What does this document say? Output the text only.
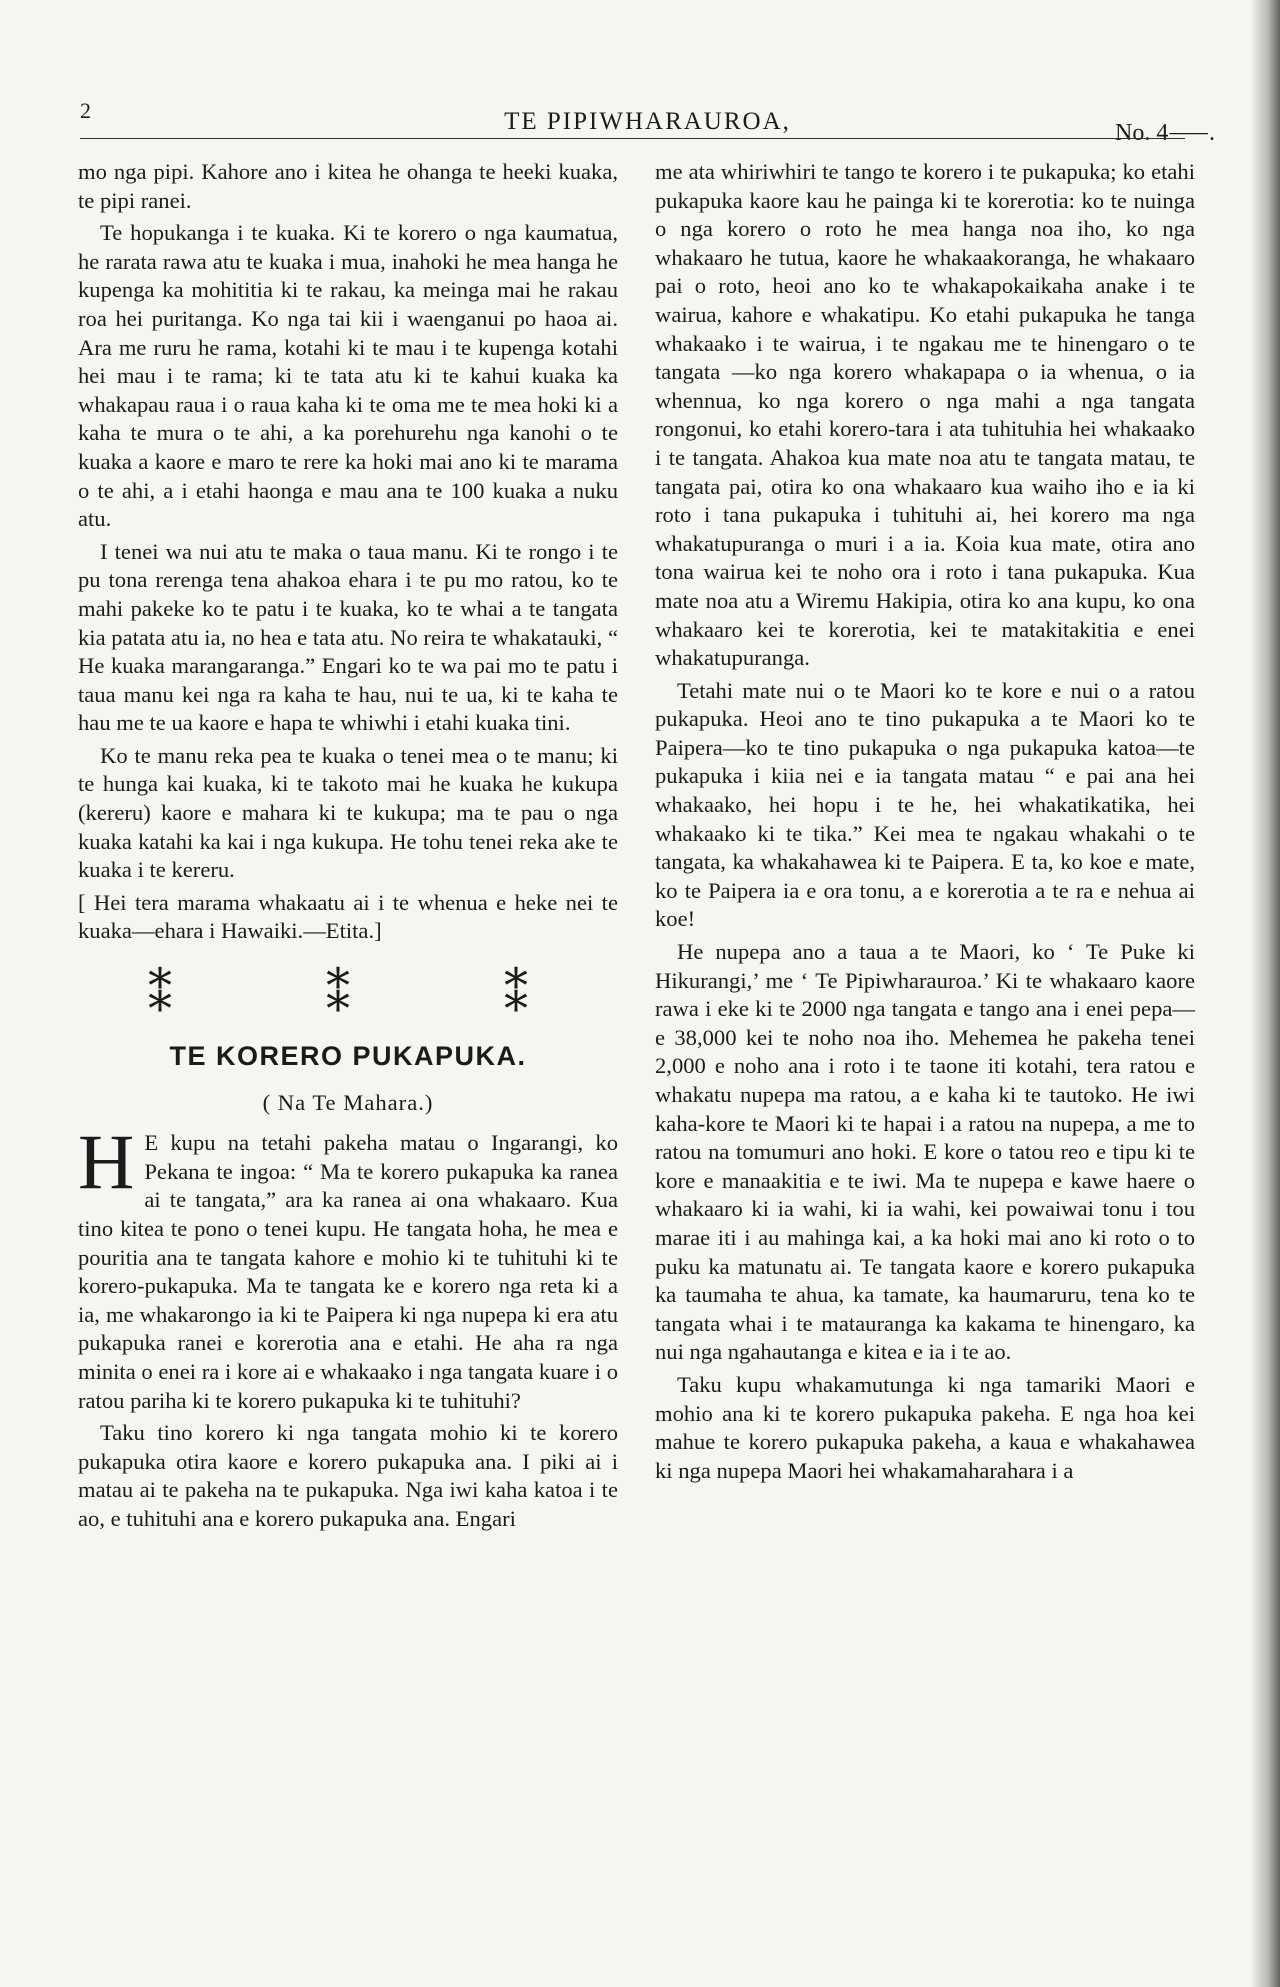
2	TE PIPIWHARAUROA,	No. 4⸺.

mo nga pipi. Kahore ano i kitea he ohanga te heeki kuaka, te pipi ranei.

Te hopukanga i te kuaka. Ki te korero o nga kaumatua, he rarata rawa atu te kuaka i mua, inahoki he mea hanga he kupenga ka mohititia ki te rakau, ka meinga mai he rakau roa hei puritanga. Ko nga tai kii i waenganui po haoa ai. Ara me ruru he rama, kotahi ki te mau i te kupenga kotahi hei mau i te rama; ki te tata atu ki te kahui kuaka ka whakapau raua i o raua kaha ki te oma me te mea hoki ki a kaha te mura o te ahi, a ka porehurehu nga kanohi o te kuaka a kaore e maro te rere ka hoki mai ano ki te marama o te ahi, a i etahi haonga e mau ana te 100 kuaka a nuku atu.

I tenei wa nui atu te maka o taua manu. Ki te rongo i te pu tona rerenga tena ahakoa ehara i te pu mo ratou, ko te mahi pakeke ko te patu i te kuaka, ko te whai a te tangata kia patata atu ia, no hea e tata atu. No reira te whakatauki, “ He kuaka marangaranga.” Engari ko te wa pai mo te patu i taua manu kei nga ra kaha te hau, nui te ua, ki te kaha te hau me te ua kaore e hapa te whiwhi i etahi kuaka tini.

Ko te manu reka pea te kuaka o tenei mea o te manu; ki te hunga kai kuaka, ki te takoto mai he kuaka he kukupa (kereru) kaore e mahara ki te kukupa; ma te pau o nga kuaka katahi ka kai i nga kukupa. He tohu tenei reka ake te kuaka i te kereru.

[ Hei tera marama whakaatu ai i te whenua e heke nei te kuaka—ehara i Hawaiki.—Etita.]

⁑	⁑	⁑
TE KORERO PUKAPUKA.
( Na Te Mahara.)

H E kupu na tetahi pakeha matau o Ingarangi, ko Pekana te ingoa: “ Ma te korero pukapuka ka ranea ai te tangata,” ara ka ranea ai ona whakaaro. Kua tino kitea te pono o tenei kupu. He tangata hoha, he mea e pouritia ana te tangata kahore e mohio ki te tuhituhi ki te korero-pukapuka. Ma te tangata ke e korero nga reta ki a ia, me whakarongo ia ki te Paipera ki nga nupepa ki era atu pukapuka ranei e korerotia ana e etahi. He aha ra nga minita o enei ra i kore ai e whakaako i nga tangata kuare i o ratou pariha ki te korero pukapuka ki te tuhituhi?

Taku tino korero ki nga tangata mohio ki te korero pukapuka otira kaore e korero pukapuka ana. I piki ai i matau ai te pakeha na te pukapuka. Nga iwi kaha katoa i te ao, e tuhituhi ana e korero pukapuka ana. Engari

me ata whiriwhiri te tango te korero i te pukapuka; ko etahi pukapuka kaore kau he painga ki te korerotia: ko te nuinga o nga korero o roto he mea hanga noa iho, ko nga whakaaro he tutua, kaore he whakaakoranga, he whakaaro pai o roto, heoi ano ko te whakapokaikaha anake i te wairua, kahore e whakatipu. Ko etahi pukapuka he tanga whakaako i te wairua, i te ngakau me te hinengaro o te tangata —ko nga korero whakapapa o ia whenua, o ia whennua, ko nga korero o nga mahi a nga tangata rongonui, ko etahi korero-tara i ata tuhituhia hei whakaako i te tangata. Ahakoa kua mate noa atu te tangata matau, te tangata pai, otira ko ona whakaaro kua waiho iho e ia ki roto i tana pukapuka i tuhituhi ai, hei korero ma nga whakatupuranga o muri i a ia. Koia kua mate, otira ano tona wairua kei te noho ora i roto i tana pukapuka. Kua mate noa atu a Wiremu Hakipia, otira ko ana kupu, ko ona whakaaro kei te korerotia, kei te matakitakitia e enei whakatupuranga.

Tetahi mate nui o te Maori ko te kore e nui o a ratou pukapuka. Heoi ano te tino pukapuka a te Maori ko te Paipera—ko te tino pukapuka o nga pukapuka katoa—te pukapuka i kiia nei e ia tangata matau “ e pai ana hei whakaako, hei hopu i te he, hei whakatikatika, hei whakaako ki te tika.” Kei mea te ngakau whakahi o te tangata, ka whakahawea ki te Paipera. E ta, ko koe e mate, ko te Paipera ia e ora tonu, a e korerotia a te ra e nehua ai koe!

He nupepa ano a taua a te Maori, ko ‘ Te Puke ki Hikurangi,’ me ‘ Te Pipiwharauroa.’ Ki te whakaaro kaore rawa i eke ki te 2000 nga tangata e tango ana i enei pepa— e 38,000 kei te noho noa iho. Mehemea he pakeha tenei 2,000 e noho ana i roto i te taone iti kotahi, tera ratou e whakatu nupepa ma ratou, a e kaha ki te tautoko. He iwi kaha-kore te Maori ki te hapai i a ratou na nupepa, a me to ratou na tomumuri ano hoki. E kore o tatou reo e tipu ki te kore e manaakitia e te iwi. Ma te nupepa e kawe haere o whakaaro ki ia wahi, ki ia wahi, kei powaiwai tonu i tou marae iti i au mahinga kai, a ka hoki mai ano ki roto o to puku ka matunatu ai. Te tangata kaore e korero pukapuka ka taumaha te ahua, ka tamate, ka haumaruru, tena ko te tangata whai i te matauranga ka kakama te hinengaro, ka nui nga ngahautanga e kitea e ia i te ao.

Taku kupu whakamutunga ki nga tamariki Maori e mohio ana ki te korero pukapuka pakeha. E nga hoa kei mahue te korero pukapuka pakeha, a kaua e whakahawea ki nga nupepa Maori hei whakamaharahara i a
